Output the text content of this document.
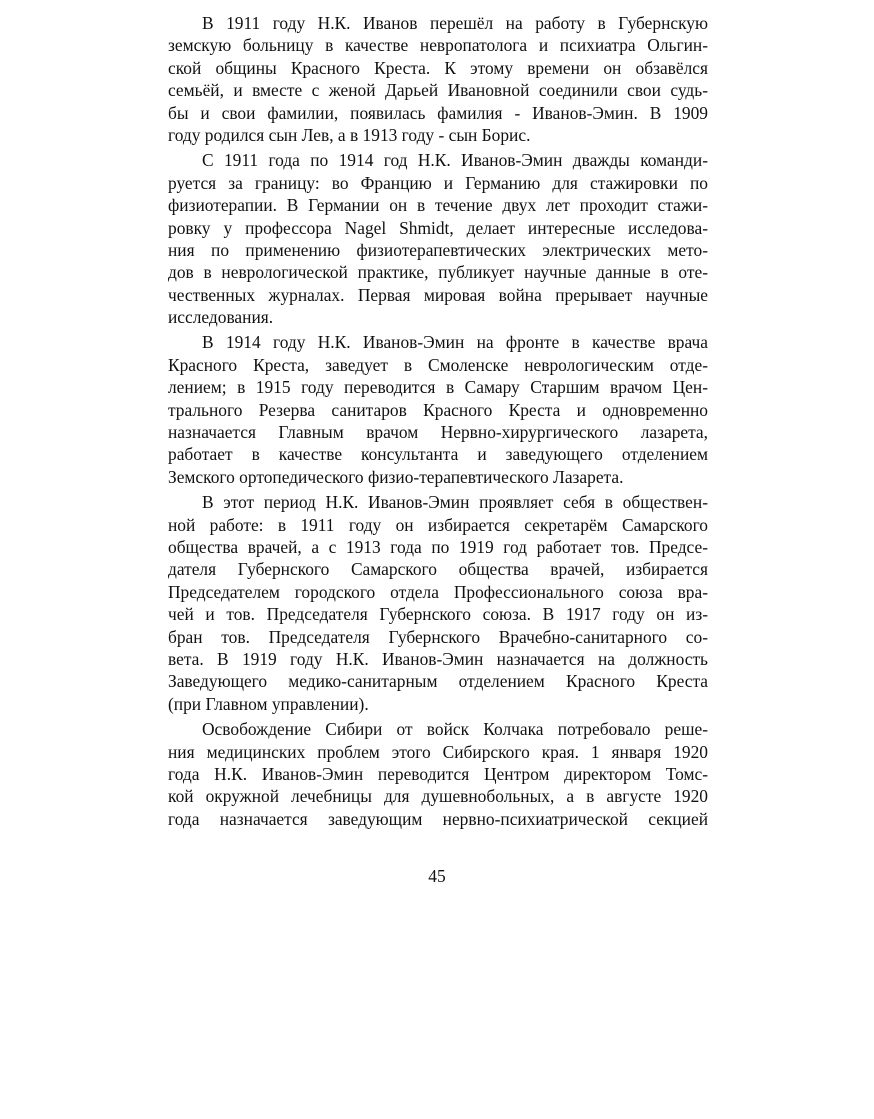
В 1911 году Н.К. Иванов перешёл на работу в Губернскую
земскую больницу в качестве невропатолога и психиатра Ольгин-
ской общины Красного Креста. К этому времени он обзавёлся
семьёй, и вместе с женой Дарьей Ивановной соединили свои судь-
бы и свои фамилии, появилась фамилия - Иванов-Эмин. В 1909
году родился сын Лев, а в 1913 году - сын Борис.
С 1911 года по 1914 год Н.К. Иванов-Эмин дважды команди-
руется за границу: во Францию и Германию для стажировки по
физиотерапии. В Германии он в течение двух лет проходит стажи-
ровку у профессора Nagel Shmidt, делает интересные исследова-
ния по применению физиотерапевтических электрических мето-
дов в неврологической практике, публикует научные данные в оте-
чественных журналах. Первая мировая война прерывает научные
исследования.
В 1914 году Н.К. Иванов-Эмин на фронте в качестве врача
Красного Креста, заведует в Смоленске неврологическим отде-
лением; в 1915 году переводится в Самару Старшим врачом Цен-
трального Резерва санитаров Красного Креста и одновременно
назначается Главным врачом Нервно-хирургического лазарета,
работает в качестве консультанта и заведующего отделением
Земского ортопедического физио-терапевтического Лазарета.
В этот период Н.К. Иванов-Эмин проявляет себя в обществен-
ной работе: в 1911 году он избирается секретарём Самарского
общества врачей, а с 1913 года по 1919 год работает тов. Предсе-
дателя Губернского Самарского общества врачей, избирается
Председателем городского отдела Профессионального союза вра-
чей и тов. Председателя Губернского союза. В 1917 году он из-
бран тов. Председателя Губернского Врачебно-санитарного со-
вета. В 1919 году Н.К. Иванов-Эмин назначается на должность
Заведующего медико-санитарным отделением Красного Креста
(при Главном управлении).
Освобождение Сибири от войск Колчака потребовало реше-
ния медицинских проблем этого Сибирского края. 1 января 1920
года Н.К. Иванов-Эмин переводится Центром директором Томс-
кой окружной лечебницы для душевнобольных, а в августе 1920
года назначается заведующим нервно-психиатрической секцией
45
